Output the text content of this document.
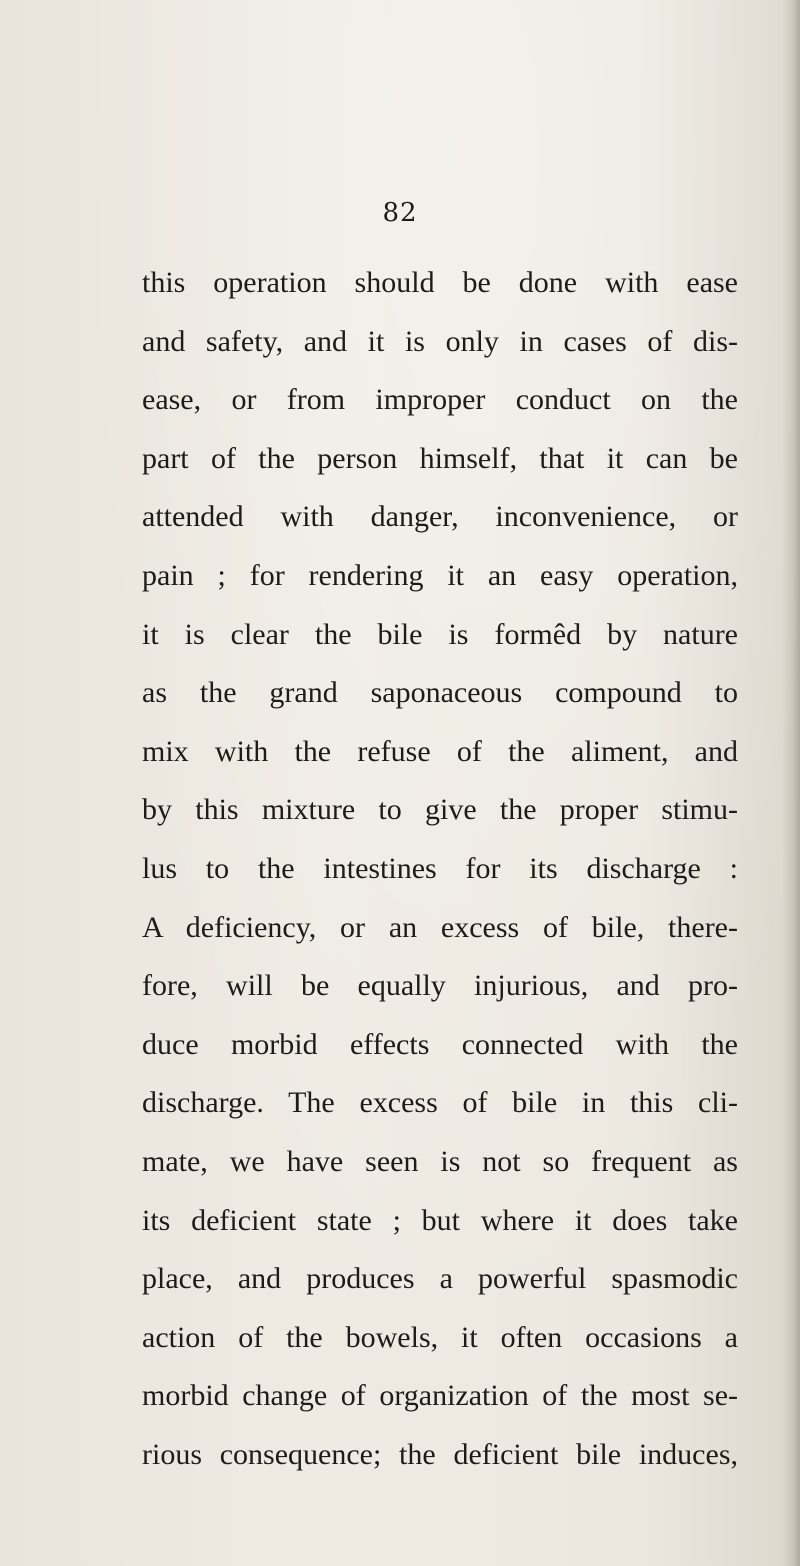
82
this operation should be done with ease
and safety, and it is only in cases of dis-
ease, or from improper conduct on the
part of the person himself, that it can be
attended with danger, inconvenience, or
pain ; for rendering it an easy operation,
it is clear the bile is formêd by nature
as the grand saponaceous compound to
mix with the refuse of the aliment, and
by this mixture to give the proper stimu-
lus to the intestines for its discharge :
A deficiency, or an excess of bile, there-
fore, will be equally injurious, and pro-
duce morbid effects connected with the
discharge. The excess of bile in this cli-
mate, we have seen is not so frequent as
its deficient state ; but where it does take
place, and produces a powerful spasmodic
action of the bowels, it often occasions a
morbid change of organization of the most se-
rious consequence; the deficient bile induces,
